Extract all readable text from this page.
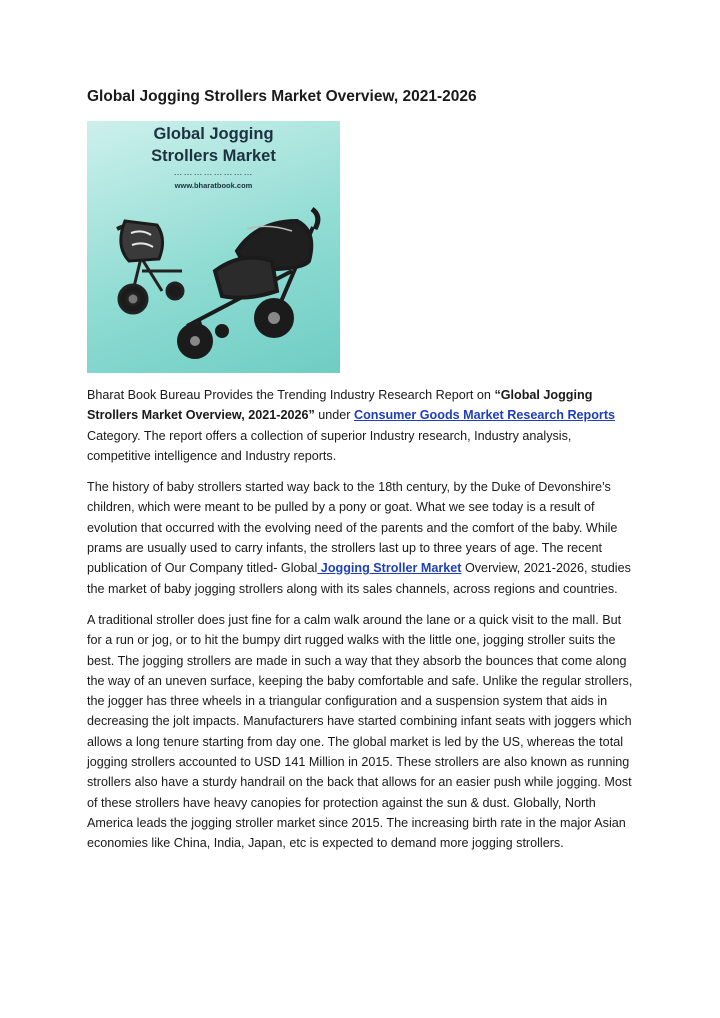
Global Jogging Strollers Market Overview, 2021-2026
Global Jogging
Strollers Market
……………………
www.bharatbook.com

Bharat Book Bureau Provides the Trending Industry Research Report on “Global Jogging Strollers Market Overview, 2021-2026” under Consumer Goods Market Research Reports Category. The report offers a collection of superior Industry research, Industry analysis, competitive intelligence and Industry reports.

The history of baby strollers started way back to the 18th century, by the Duke of Devonshire’s children, which were meant to be pulled by a pony or goat. What we see today is a result of evolution that occurred with the evolving need of the parents and the comfort of the baby. While prams are usually used to carry infants, the strollers last up to three years of age. The recent publication of Our Company titled- Global Jogging Stroller Market Overview, 2021-2026, studies the market of baby jogging strollers along with its sales channels, across regions and countries.

A traditional stroller does just fine for a calm walk around the lane or a quick visit to the mall. But for a run or jog, or to hit the bumpy dirt rugged walks with the little one, jogging stroller suits the best. The jogging strollers are made in such a way that they absorb the bounces that come along the way of an uneven surface, keeping the baby comfortable and safe. Unlike the regular strollers, the jogger has three wheels in a triangular configuration and a suspension system that aids in decreasing the jolt impacts. Manufacturers have started combining infant seats with joggers which allows a long tenure starting from day one. The global market is led by the US, whereas the total jogging strollers accounted to USD 141 Million in 2015. These strollers are also known as running strollers also have a sturdy handrail on the back that allows for an easier push while jogging. Most of these strollers have heavy canopies for protection against the sun & dust. Globally, North America leads the jogging stroller market since 2015. The increasing birth rate in the major Asian economies like China, India, Japan, etc is expected to demand more jogging strollers.
